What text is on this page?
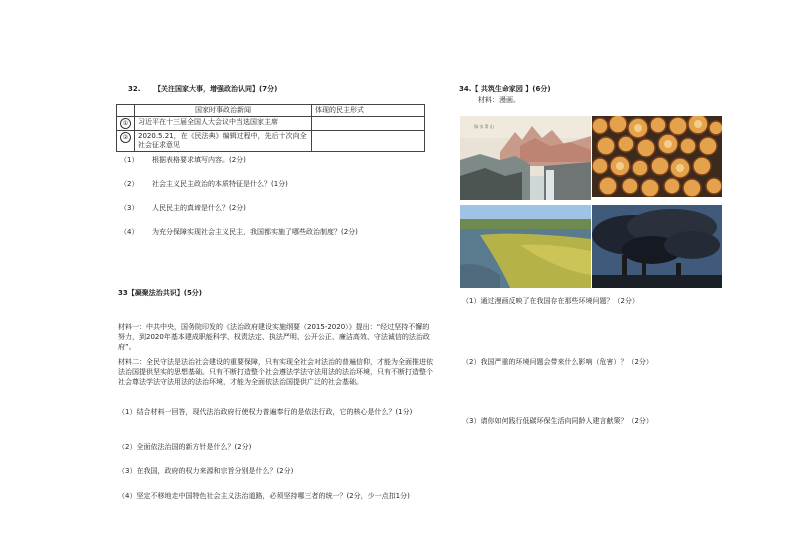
32. 【关注国家大事，增强政治认同】(7分)
	国家时事政治新闻	体现的民主形式
①	习近平在十三届全国人大会议中当选国家主席	
②	2020.5.21，在《民法典》编辑过程中，先后十次向全社会征求意见	
（1） 根据表格要求填写内容。(2分)
（2） 社会主义民主政治的本质特征是什么？(1分)
（3） 人民民主的真谛是什么？(2分)
（4） 为充分保障实现社会主义民主，我国都实施了哪些政治制度？(2分)
33【凝聚法治共识】(5分)
材料一：中共中央，国务院印发的《法治政府建设实施纲要（2015-2020）》提出：“经过坚持不懈的努力，到2020年基本建成职能科学、权责法定、执法严明、公开公正、廉洁高效、守法诚信的法治政府”。
材料二：全民守法是法治社会建设的重要保障，只有实现全社会对法治的普遍信仰，才能为全面推进依法治国提供坚实的思想基础。只有不断打造整个社会遵法学法守法用法的法治环境，只有不断打造整个社会尊法学法守法用法的法治环境，才能为全面依法治国提供广泛的社会基础。
（1）结合材料一回答，现代法治政府行使权力普遍奉行的是依法行政，它的核心是什么？(1分)
（2）全面依法治国的新方针是什么？(2分)
（3）在我国，政府的权力来源和宗旨分别是什么？(2分)
（4）坚定不移地走中国特色社会主义法治道路，必须坚持哪三者的统一？(2分，少一点扣1分)
34.【 共筑生命家园 】(6分)
材料：漫画。
绿 水 青 山
（1）通过漫画反映了在我国存在那些环境问题？（2分）
（2）我国严重的环境问题会带来什么影响（危害）？（2分）
（3）请你如何践行低碳环保生活向同龄人建言献策？（2分）
